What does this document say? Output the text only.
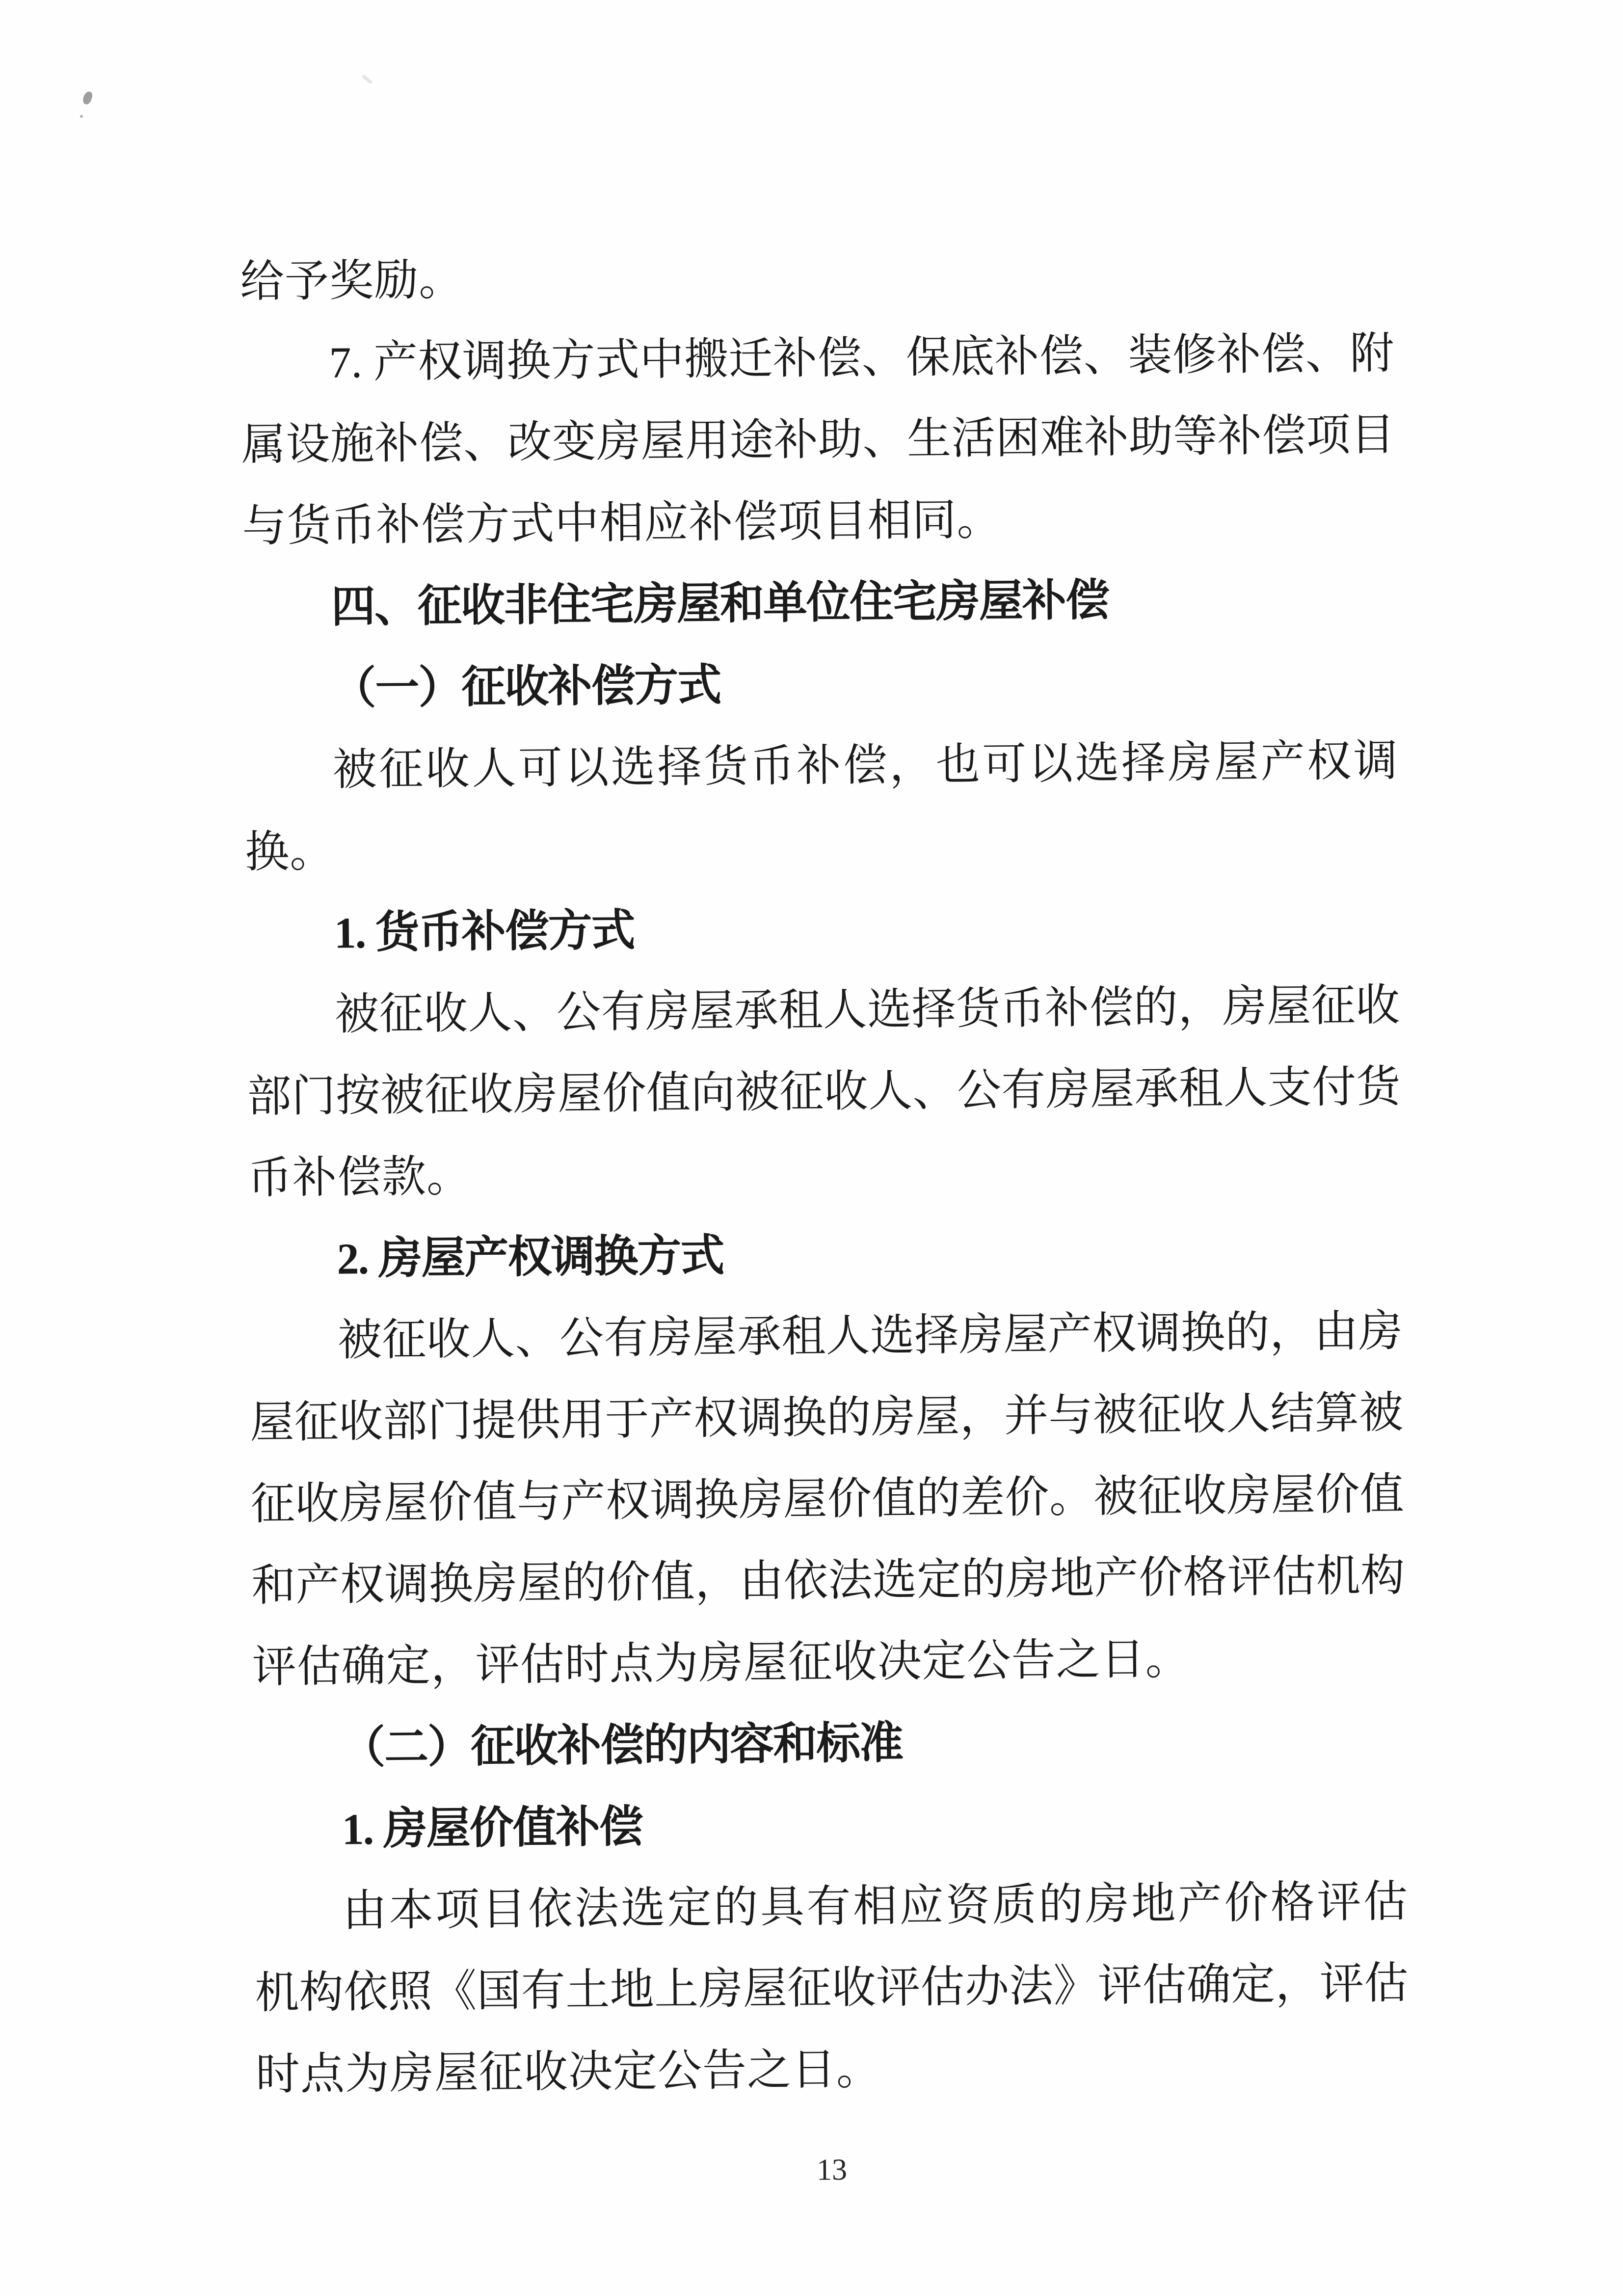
给予奖励。
7. 产权调换方式中搬迁补偿、保底补偿、装修补偿、附
属设施补偿、改变房屋用途补助、生活困难补助等补偿项目
与货币补偿方式中相应补偿项目相同。
四、征收非住宅房屋和单位住宅房屋补偿
（一）征收补偿方式
被征收人可以选择货币补偿，也可以选择房屋产权调
换。
1. 货币补偿方式
被征收人、公有房屋承租人选择货币补偿的，房屋征收
部门按被征收房屋价值向被征收人、公有房屋承租人支付货
币补偿款。
2. 房屋产权调换方式
被征收人、公有房屋承租人选择房屋产权调换的，由房
屋征收部门提供用于产权调换的房屋，并与被征收人结算被
征收房屋价值与产权调换房屋价值的差价。被征收房屋价值
和产权调换房屋的价值，由依法选定的房地产价格评估机构
评估确定，评估时点为房屋征收决定公告之日。
（二）征收补偿的内容和标准
1. 房屋价值补偿
由本项目依法选定的具有相应资质的房地产价格评估
机构依照《国有土地上房屋征收评估办法》评估确定，评估
时点为房屋征收决定公告之日。
13
